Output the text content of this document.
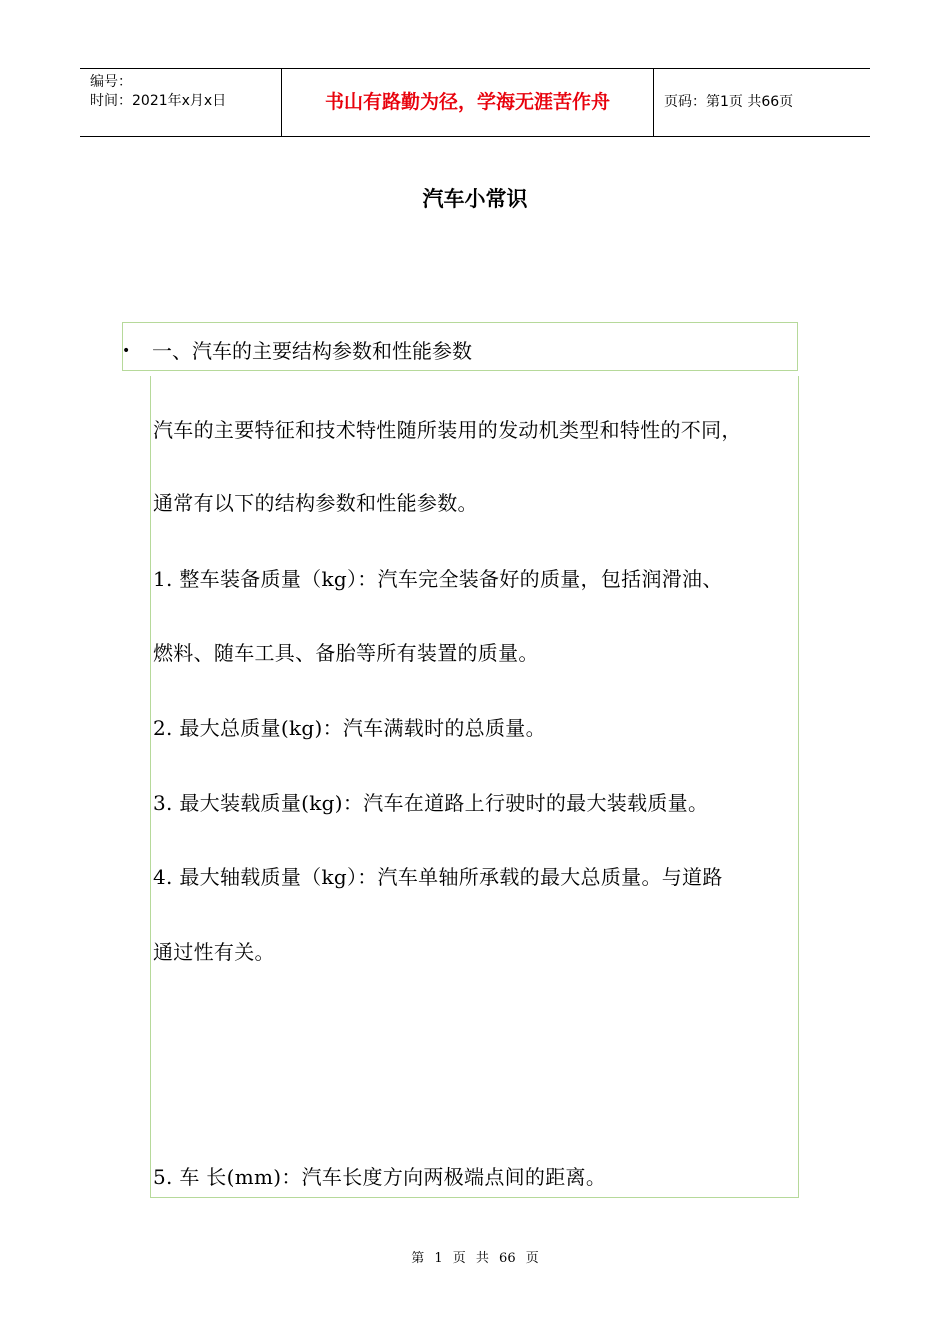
编号：
时间：2021年x月x日	书山有路勤为径，学海无涯苦作舟	页码：第1页 共66页
汽车小常识
• 一、汽车的主要结构参数和性能参数
汽车的主要特征和技术特性随所装用的发动机类型和特性的不同，
通常有以下的结构参数和性能参数。
1. 整车装备质量（kg）：汽车完全装备好的质量，包括润滑油、
燃料、随车工具、备胎等所有装置的质量。
2. 最大总质量(kg)：汽车满载时的总质量。
3. 最大装载质量(kg)：汽车在道路上行驶时的最大装载质量。
4. 最大轴载质量（kg）：汽车单轴所承载的最大总质量。与道路
通过性有关。
5. 车 长(mm)：汽车长度方向两极端点间的距离。
第 1 页 共 66 页
